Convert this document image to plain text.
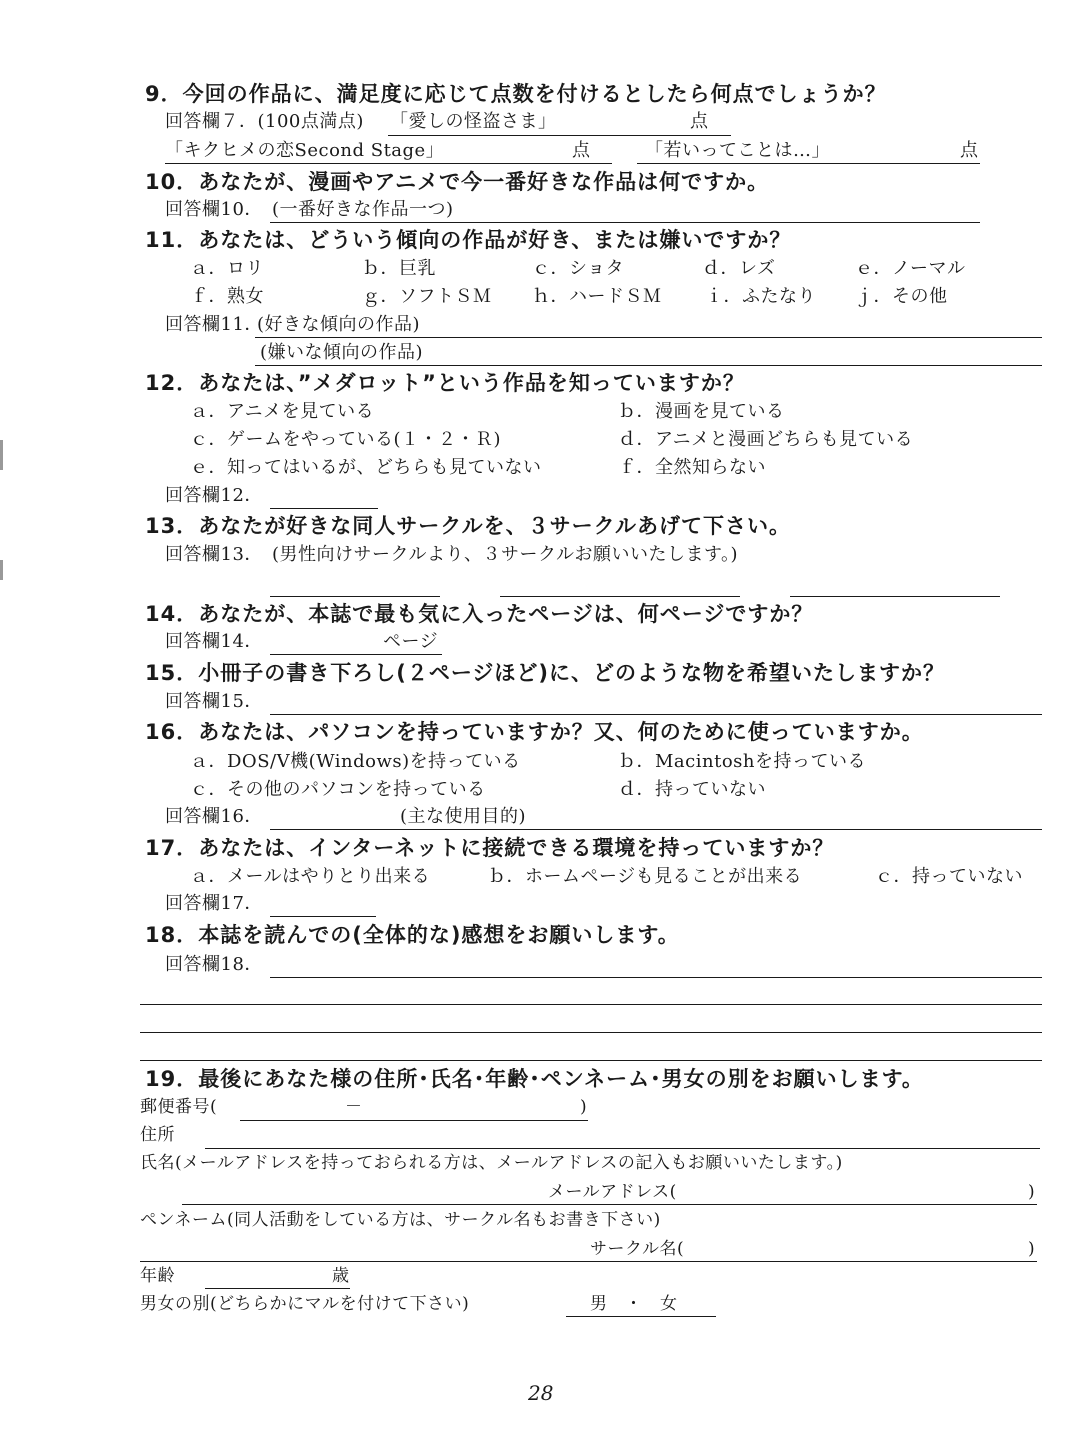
9．今回の作品に、満足度に応じて点数を付けるとしたら何点でしょうか？
回答欄７．(100点満点) 「愛しの怪盗さま」	点
「キクヒメの恋Second Stage」	点	「若いってことは…」	点
10．あなたが、漫画やアニメで今一番好きな作品は何ですか。
回答欄10． (一番好きな作品一つ)
11．あなたは、どういう傾向の作品が好き、または嫌いですか？
ａ．ロリ	ｂ．巨乳	ｃ．ショタ	ｄ．レズ	ｅ．ノーマル
ｆ．熟女	ｇ．ソフトＳＭ ｈ．ハードＳＭ ｉ．ふたなり ｊ．その他
回答欄11．
(好きな傾向の作品)
(嫌いな傾向の作品)
12．あなたは、”メダロット”という作品を知っていますか？
ａ．アニメを見ている	ｂ．漫画を見ている
ｃ．ゲームをやっている(１・２・Ｒ)	ｄ．アニメと漫画どちらも見ている
ｅ．知ってはいるが、どちらも見ていない	ｆ．全然知らない
回答欄12．
13．あなたが好きな同人サークルを、３サークルあげて下さい。
回答欄13． (男性向けサークルより、３サークルお願いいたします。)
14．あなたが、本誌で最も気に入ったページは、何ページですか？
回答欄14．	ページ
15．小冊子の書き下ろし(２ページほど)に、どのような物を希望いたしますか？
回答欄15．
16．あなたは、パソコンを持っていますか？又、何のために使っていますか。
ａ．DOS/V機(Windows)を持っている	ｂ．Macintoshを持っている
ｃ．その他のパソコンを持っている	ｄ．持っていない
回答欄16．	(主な使用目的)
17．あなたは、インターネットに接続できる環境を持っていますか？
ａ．メールはやりとり出来る	ｂ．ホームページも見ることが出来る	ｃ．持っていない
回答欄17．
18．本誌を読んでの(全体的な)感想をお願いします。
回答欄18．
19．最後にあなた様の住所･氏名･年齢･ペンネーム･男女の別をお願いします。
郵便番号(	－	)
住所
氏名(メールアドレスを持っておられる方は、メールアドレスの記入もお願いいたします。)
メールアドレス(	)
ペンネーム(同人活動をしている方は、サークル名もお書き下さい)
サークル名(	)
年齢	歳
男女の別(どちらかにマルを付けて下さい)	男　・　女
28
